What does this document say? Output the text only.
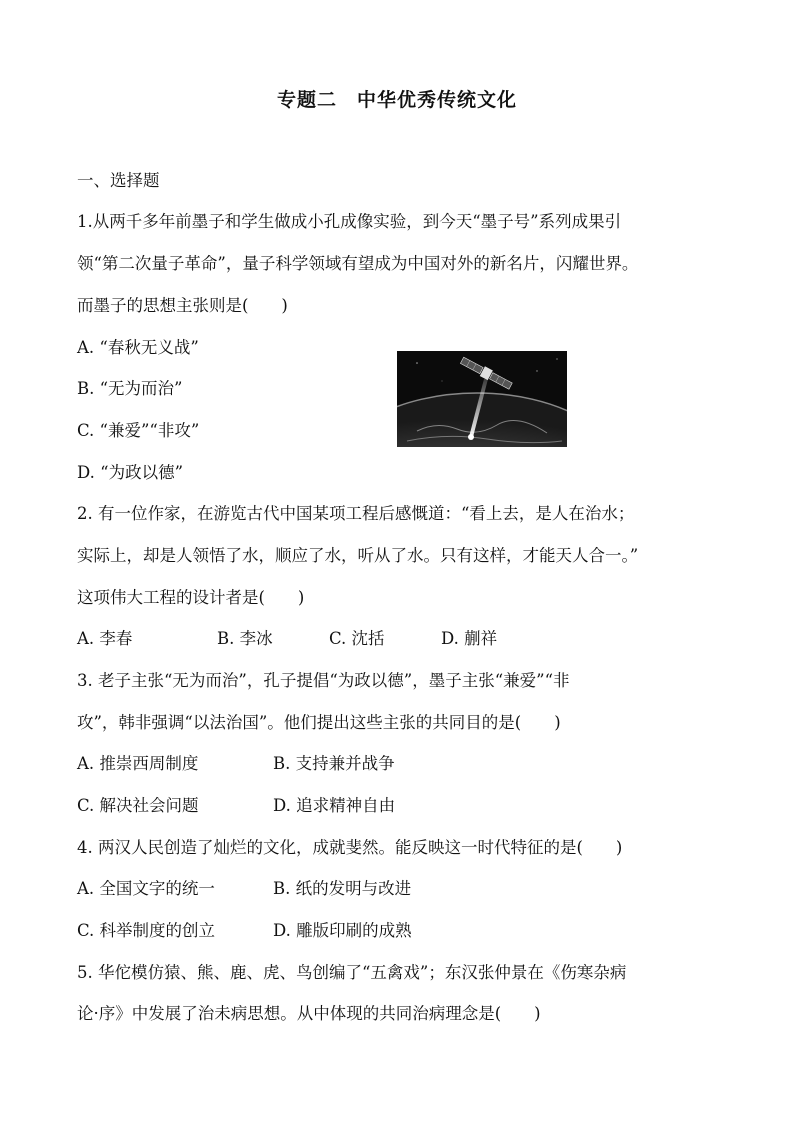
专题二　中华优秀传统文化
一、选择题
1.从两千多年前墨子和学生做成小孔成像实验，到今天“墨子号”系列成果引
领“第二次量子革命”，量子科学领域有望成为中国对外的新名片，闪耀世界。
而墨子的思想主张则是(　　)
A. “春秋无义战”
B. “无为而治”
C. “兼爱”“非攻”
D. “为政以德”
2. 有一位作家，在游览古代中国某项工程后感慨道：“看上去，是人在治水；
实际上，却是人领悟了水，顺应了水，听从了水。只有这样，才能天人合一。”
这项伟大工程的设计者是(　　)
A. 李春	B. 李冰	C. 沈括	D. 蒯祥
3. 老子主张“无为而治”，孔子提倡“为政以德”，墨子主张“兼爱”“非
攻”，韩非强调“以法治国”。他们提出这些主张的共同目的是(　　)
A. 推崇西周制度	B. 支持兼并战争
C. 解决社会问题	D. 追求精神自由
4. 两汉人民创造了灿烂的文化，成就斐然。能反映这一时代特征的是(　　)
A. 全国文字的统一	B. 纸的发明与改进
C. 科举制度的创立	D. 雕版印刷的成熟
5. 华佗模仿猿、熊、鹿、虎、鸟创编了“五禽戏”；东汉张仲景在《伤寒杂病
论·序》中发展了治未病思想。从中体现的共同治病理念是(　　)
